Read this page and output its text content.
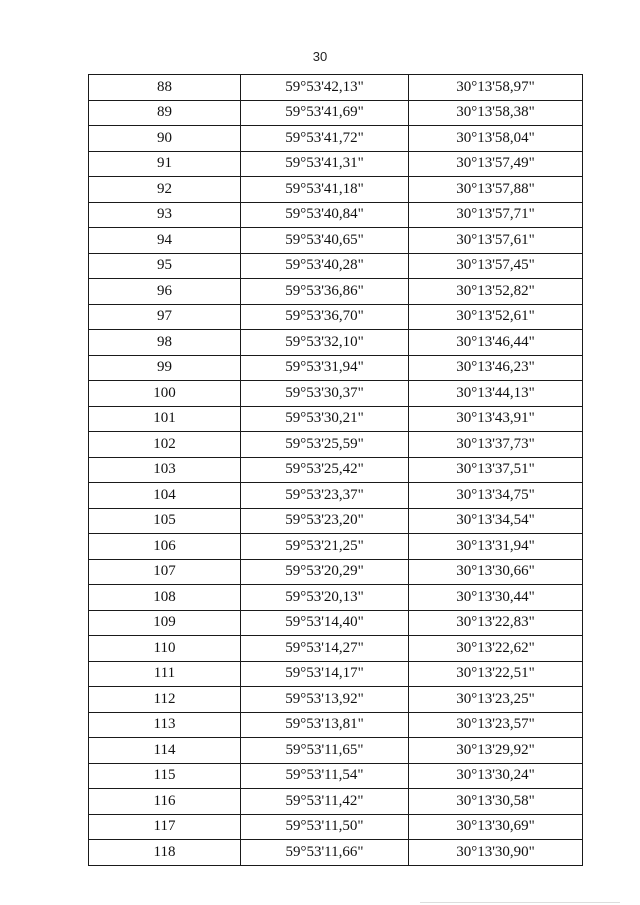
30
88	59°53'42,13"	30°13'58,97"
89	59°53'41,69"	30°13'58,38"
90	59°53'41,72"	30°13'58,04"
91	59°53'41,31"	30°13'57,49"
92	59°53'41,18"	30°13'57,88"
93	59°53'40,84"	30°13'57,71"
94	59°53'40,65"	30°13'57,61"
95	59°53'40,28"	30°13'57,45"
96	59°53'36,86"	30°13'52,82"
97	59°53'36,70"	30°13'52,61"
98	59°53'32,10"	30°13'46,44"
99	59°53'31,94"	30°13'46,23"
100	59°53'30,37"	30°13'44,13"
101	59°53'30,21"	30°13'43,91"
102	59°53'25,59"	30°13'37,73"
103	59°53'25,42"	30°13'37,51"
104	59°53'23,37"	30°13'34,75"
105	59°53'23,20"	30°13'34,54"
106	59°53'21,25"	30°13'31,94"
107	59°53'20,29"	30°13'30,66"
108	59°53'20,13"	30°13'30,44"
109	59°53'14,40"	30°13'22,83"
110	59°53'14,27"	30°13'22,62"
111	59°53'14,17"	30°13'22,51"
112	59°53'13,92"	30°13'23,25"
113	59°53'13,81"	30°13'23,57"
114	59°53'11,65"	30°13'29,92"
115	59°53'11,54"	30°13'30,24"
116	59°53'11,42"	30°13'30,58"
117	59°53'11,50"	30°13'30,69"
118	59°53'11,66"	30°13'30,90"
